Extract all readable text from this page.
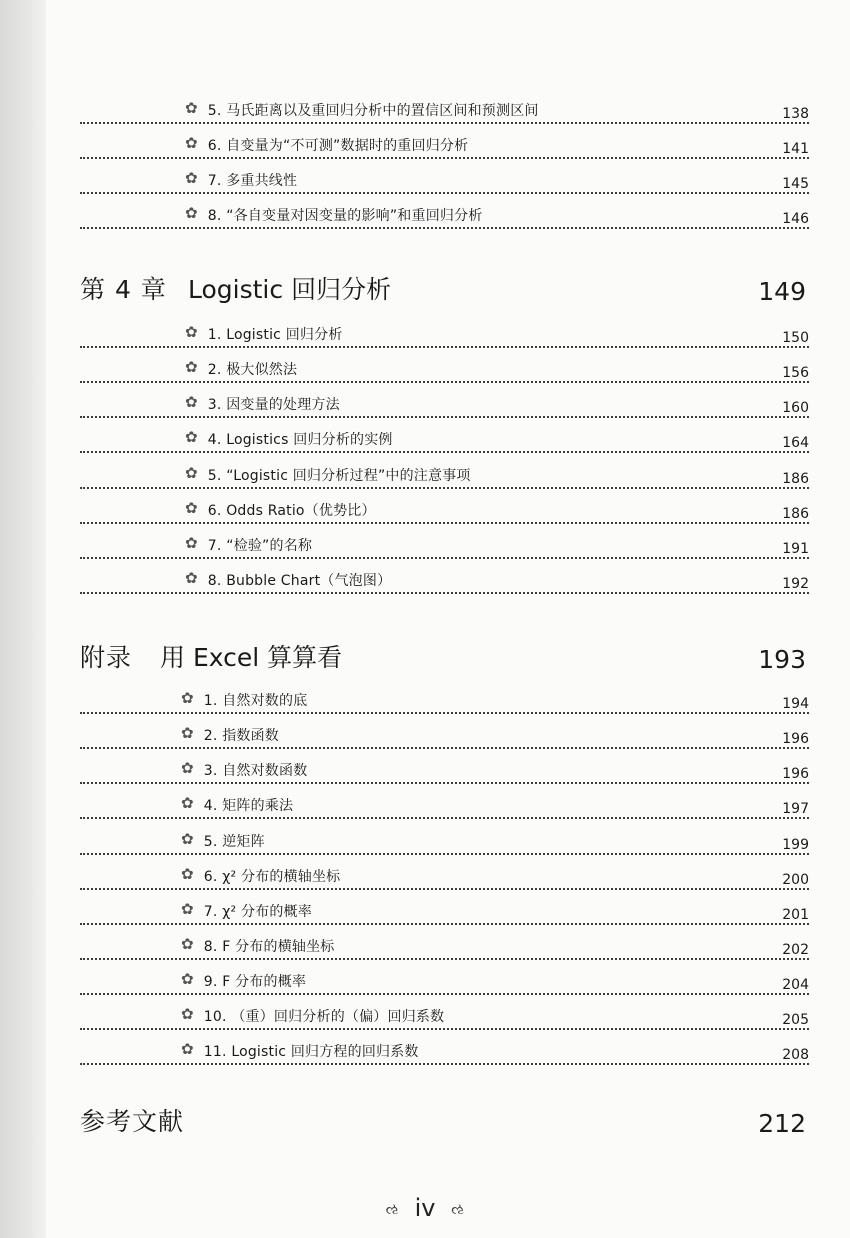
✿ 5. 马氏距离以及重回归分析中的置信区间和预测区间	138
✿ 6. 自变量为“不可测”数据时的重回归分析	141
✿ 7. 多重共线性	145
✿ 8. “各自变量对因变量的影响”和重回归分析	146
第 4 章 Logistic 回归分析	149
✿ 1. Logistic 回归分析	150
✿ 2. 极大似然法	156
✿ 3. 因变量的处理方法	160
✿ 4. Logistics 回归分析的实例	164
✿ 5. “Logistic 回归分析过程”中的注意事项	186
✿ 6. Odds Ratio（优势比）	186
✿ 7. “检验”的名称	191
✿ 8. Bubble Chart（气泡图）	192
附录 用 Excel 算算看	193
✿ 1. 自然对数的底	194
✿ 2. 指数函数	196
✿ 3. 自然对数函数	196
✿ 4. 矩阵的乘法	197
✿ 5. 逆矩阵	199
✿ 6. χ² 分布的横轴坐标	200
✿ 7. χ² 分布的概率	201
✿ 8. F 分布的横轴坐标	202
✿ 9. F 分布的概率	204
✿ 10. （重）回归分析的（偏）回归系数	205
✿ 11. Logistic 回归方程的回归系数	208
参考文献	212
ઌ iv ઌ
